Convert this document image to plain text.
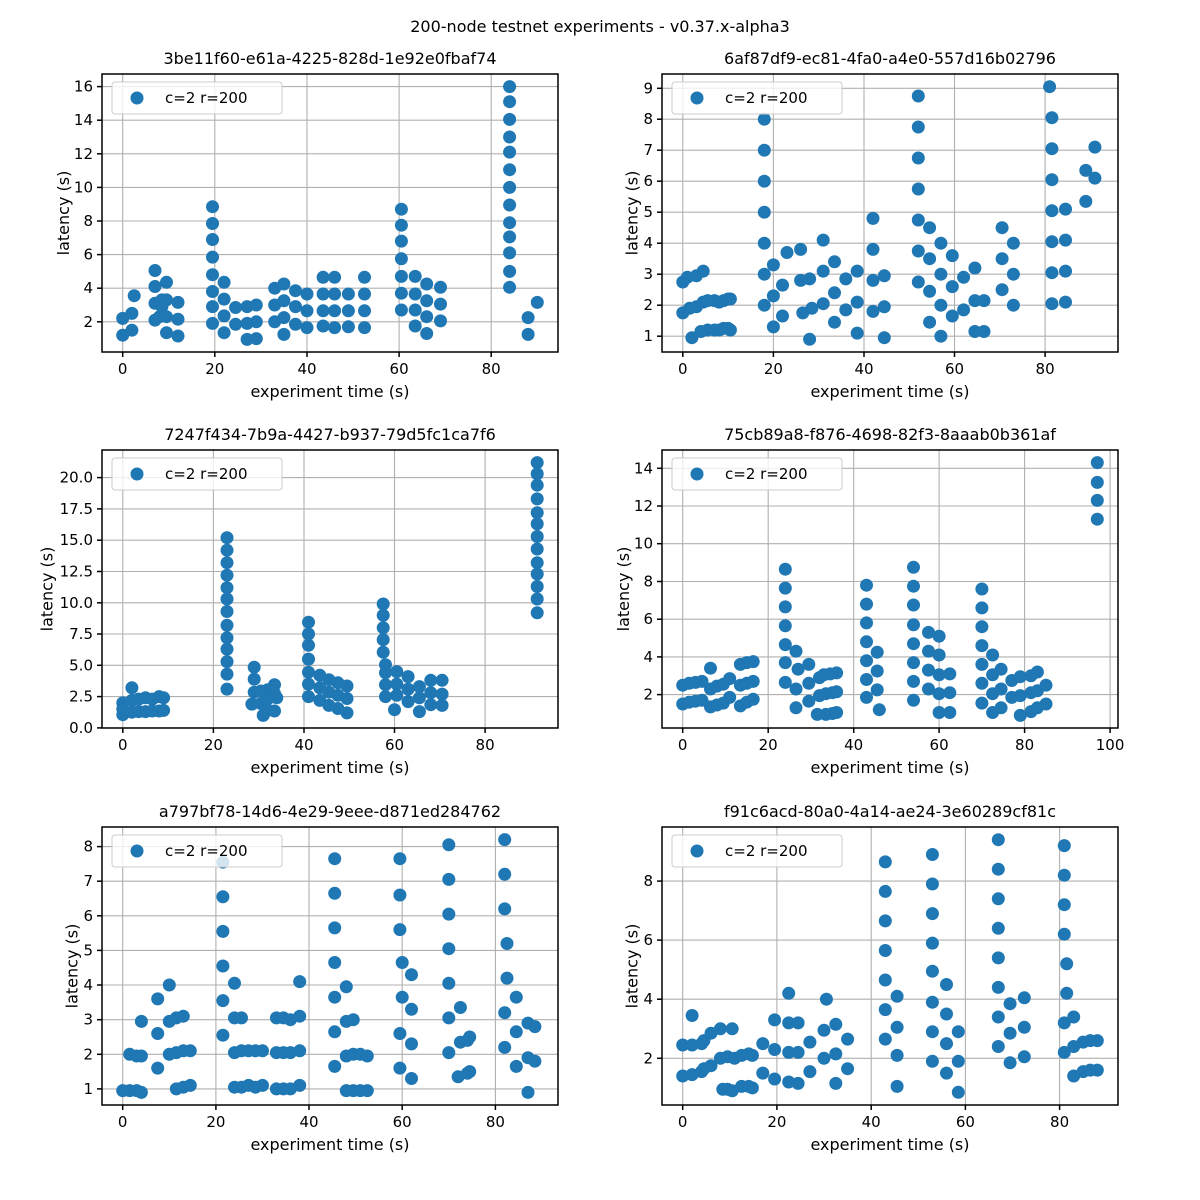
200-node testnet experiments - v0.37.x-alpha3
0	20	40	60	80
2
4
6
8
10
12
14
16
experiment time (s)
latency (s)
3be11f60-e61a-4225-828d-1e92e0fbaf74
c=2 r=200
0	20	40	60	80
1
2
3
4
5
6
7
8
9
experiment time (s)
latency (s)
6af87df9-ec81-4fa0-a4e0-557d16b02796
c=2 r=200
0	20	40	60	80
0.0
2.5
5.0
7.5
10.0
12.5
15.0
17.5
20.0
experiment time (s)
latency (s)
7247f434-7b9a-4427-b937-79d5fc1ca7f6
c=2 r=200
0	20	40	60	80	100
2
4
6
8
10
12
14
experiment time (s)
latency (s)
75cb89a8-f876-4698-82f3-8aaab0b361af
c=2 r=200
0	20	40	60	80
1
2
3
4
5
6
7
8
experiment time (s)
latency (s)
a797bf78-14d6-4e29-9eee-d871ed284762
c=2 r=200
0	20	40	60	80
2
4
6
8
experiment time (s)
latency (s)
f91c6acd-80a0-4a14-ae24-3e60289cf81c
c=2 r=200
